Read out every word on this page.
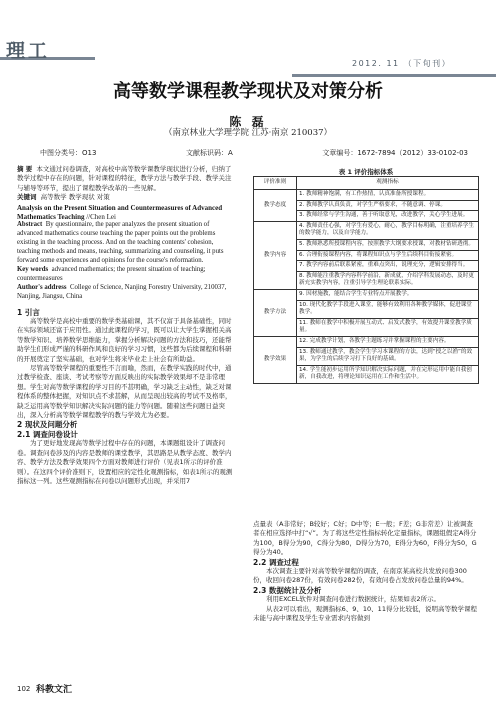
理工
2012. 11 （下旬刊）
高等数学课程教学现状及对策分析
陈 磊
（南京林业大学理学院 江苏·南京 210037）
中图分类号：O13	文献标识码：A	文章编号：1672-7894（2012）33-0102-03

摘 要 本文通过问卷调查，对高校中高等数学课教学现状进行分析，归纳了教学过程中存在的问题，针对课程的特征，教学方法与教学手段、教学关注与辅导等环节，提出了课程教学改革的一些见解。

关键词 高等数学 教学现状 对策

Analysis on the Present Situation and Countermeasures of Advanced Mathematics Teaching //Chen Lei

Abstract By questionnaire, the paper analyzes the present situation of advanced mathematics course teaching the paper points out the problems existing in the teaching process. And on the teaching contents' cohesion, teaching methods and means, teaching, summarizing and counseling, it puts forward some experiences and opinions for the course's reformation.

Key words advanced mathematics; the present situation of teaching; countermeasures

Author's address College of Science, Nanjing Forestry University, 210037, Nanjing, Jiangsu, China

1 引言

高等数学是高校中重要的数学类基础课，其不仅富于具备基础性，同时在实际领域还富于应用性。通过此课程的学习，既可以让大学生掌握相关高等数学知识、培养数学思维能力，掌握分析解决问题的方法和技巧，还能帮助学生们形成严谨的科研作风和良好的学习习惯，这些都为后续课程和科研的开展奠定了坚实基础，也对学生将来毕业走上社会有所助益。

尽管高等数学课程的重要性不言而喻，然而，在教学实践的时代中，通过教学检查、座谈、考试考察等方面反映出的实际教学效果却不是非常理想。学生对高等数学课程的学习目的不甚明确，学习缺乏主动性，缺乏对课程体系的整体把握，对知识点不求甚解，从而呈现出较高的考试不及格率，缺乏运用高等数学知识解决实际问题的能力等问题。随着这些问题日益突出，深入分析高等数学课程教学的教与学效尤为必要。

2 现状及问题分析

2.1 调查问卷设计

为了更好地发现高等数学过程中存在的问题，本课题组设计了调查问卷。调查问卷涉及的内容是教师的课堂教学，其思路是从教学态度、教学内容、教学方法及教学效果四个方面对教师进行评价（见表1所示的评价准则）。在这四个评价准则下，设置相应的定性化观测指标，如表1所示的观测指标这一列。这些观测指标在问卷以问题形式出现，并采用7

表 1 评价指标体系
评价准则	观测指标
教学态度	1. 教师精神饱满，有工作热情，认真准备所授课程。
	2. 教师教学认真负责，对学生严格要求，不随意调、停课。
	3. 教师经常与学生沟通，善于听取意见，改进教学，关心学生进展。
教学内容	4. 教师责任心强，对学生有爱心，耐心，教学目标明确，注重培养学生的数学能力，以及自学能力。
	5. 教师熟悉所授课程内容，按照教学大纲要求授课，对教材钻研透彻。
	6. 合理衔接课程内容，将课程知识点与学生后续科目衔接紧密。
	7. 教学内容前后联系紧密，重难点突出，说理充分，逻辑安排得当。
	8. 教师能注重教学内容科学前沿，新成就，介绍学科发展动态，及时更新充实教学内容，注重引导学生理论联系实际。
教学方法	9. 因材施教，能结合学生专业特点开展教学。
	10. 现代化教学手段进入课堂，能够有效利用各种教学媒体，促进课堂教学。
	11. 教师在教学中积极开展互动式、启发式教学，有效提升课堂教学质量。
教学效果	12. 完成教学计划，各教学主题练习并掌握课程的主要内容。
	13. 教师通过教学，教会学生学习本课程的方法，达到“授之以渔”的效果，为学生的后续学习打下良好的基础。
	14. 学生能初步运用所学知识解决实际问题，并在完形运用中能自我创新，自我改进，将理论知识运用在工作和生活中。

点量表（A非常好；B较好；C好；D中等；E一般；F差；G非常差）让被调查者在相应选择中打“√”。为了将这些定性指标转化定量指标，课题组假定A得分为100，B得分为90，C得分为80，D得分为70，E得分为60，F得分为50，G得分为40。

2.2 调查过程

本次调查主要针对高等数学课程的调查，在南京某高校共发放问卷300份，收回问卷287份，有效问卷282份，有效问卷占发放问卷总量的94%。

2.3 数据统计及分析

利用EXCEL软件对调查问卷进行数据统计，结果如表2所示。

从表2可以看出，观测指标6、9、10、11得分比较低，说明高等数学课程未能与高中课程及学生专业需求内容做到

102 科教文汇
